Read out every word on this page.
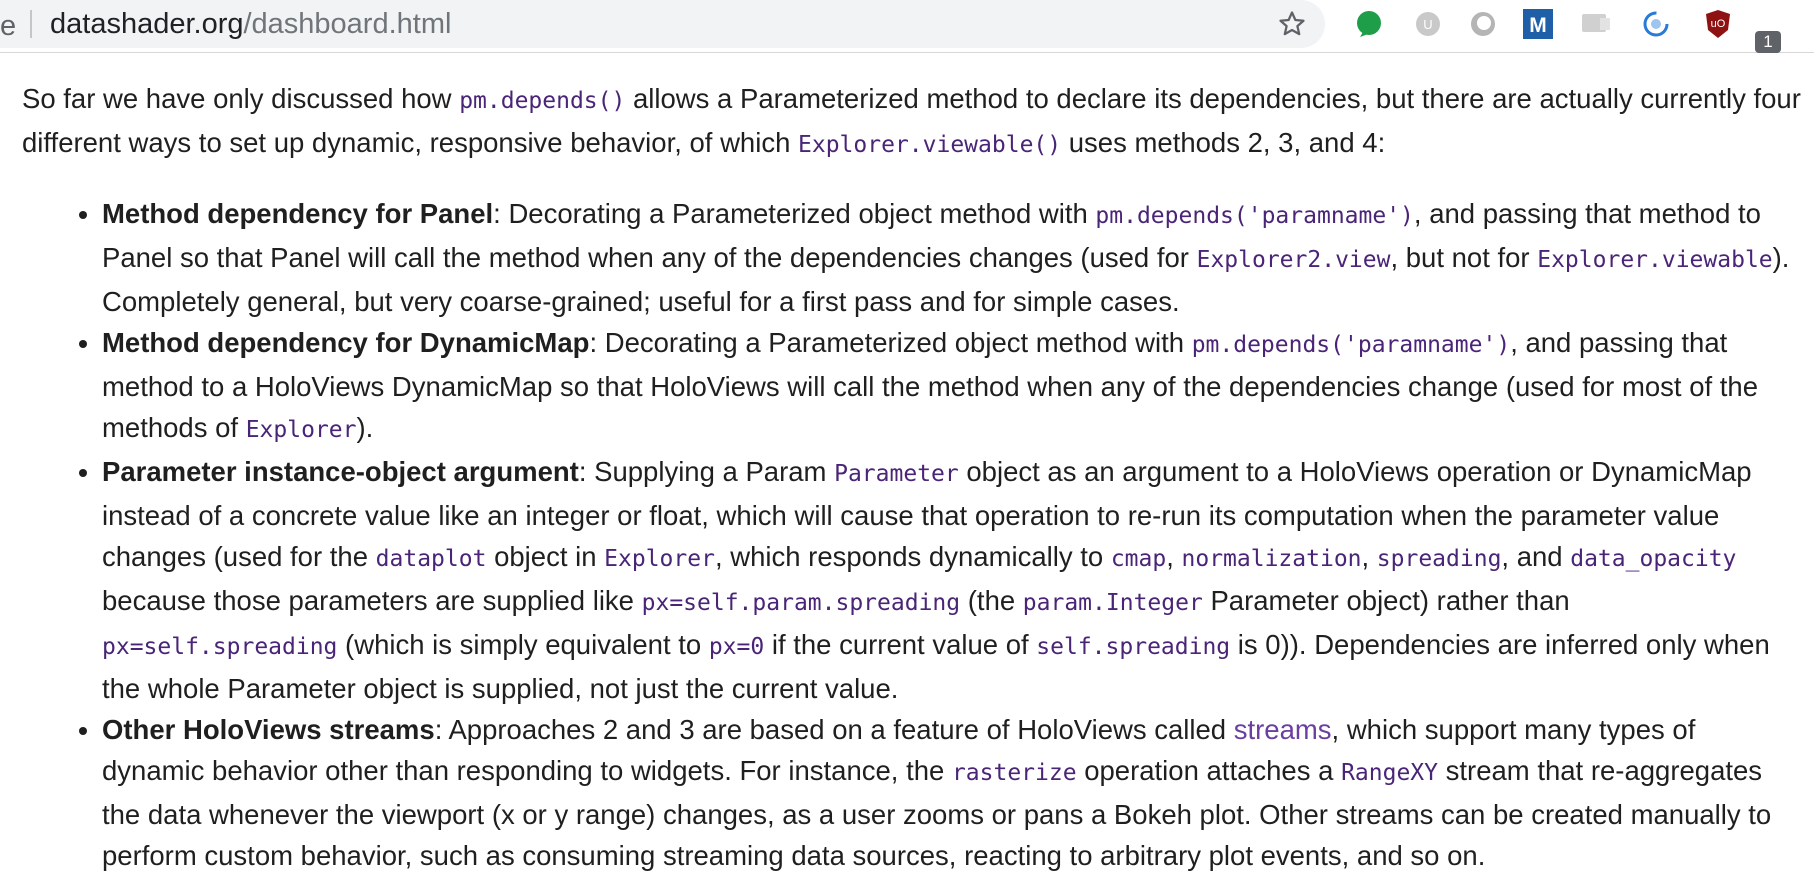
e datashader.org/dashboard.html	U	M	uO
1

So far we have only discussed how pm.depends() allows a Parameterized method to declare its dependencies, but there are actually currently four different ways to set up dynamic, responsive behavior, of which Explorer.viewable() uses methods 2, 3, and 4:

• Method dependency for Panel: Decorating a Parameterized object method with pm.depends('paramname'), and passing that method to Panel so that Panel will call the method when any of the dependencies changes (used for Explorer2.view, but not for Explorer.viewable). Completely general, but very coarse-grained; useful for a first pass and for simple cases.
• Method dependency for DynamicMap: Decorating a Parameterized object method with pm.depends('paramname'), and passing that method to a HoloViews DynamicMap so that HoloViews will call the method when any of the dependencies change (used for most of the methods of Explorer).
• Parameter instance-object argument: Supplying a Param Parameter object as an argument to a HoloViews operation or DynamicMap instead of a concrete value like an integer or float, which will cause that operation to re-run its computation when the parameter value changes (used for the dataplot object in Explorer, which responds dynamically to cmap, normalization, spreading, and data_opacity because those parameters are supplied like px=self.param.spreading (the param.Integer Parameter object) rather than px=self.spreading (which is simply equivalent to px=0 if the current value of self.spreading is 0)). Dependencies are inferred only when the whole Parameter object is supplied, not just the current value.
• Other HoloViews streams: Approaches 2 and 3 are based on a feature of HoloViews called streams, which support many types of dynamic behavior other than responding to widgets. For instance, the rasterize operation attaches a RangeXY stream that re-aggregates the data whenever the viewport (x or y range) changes, as a user zooms or pans a Bokeh plot. Other streams can be created manually to perform custom behavior, such as consuming streaming data sources, reacting to arbitrary plot events, and so on.
